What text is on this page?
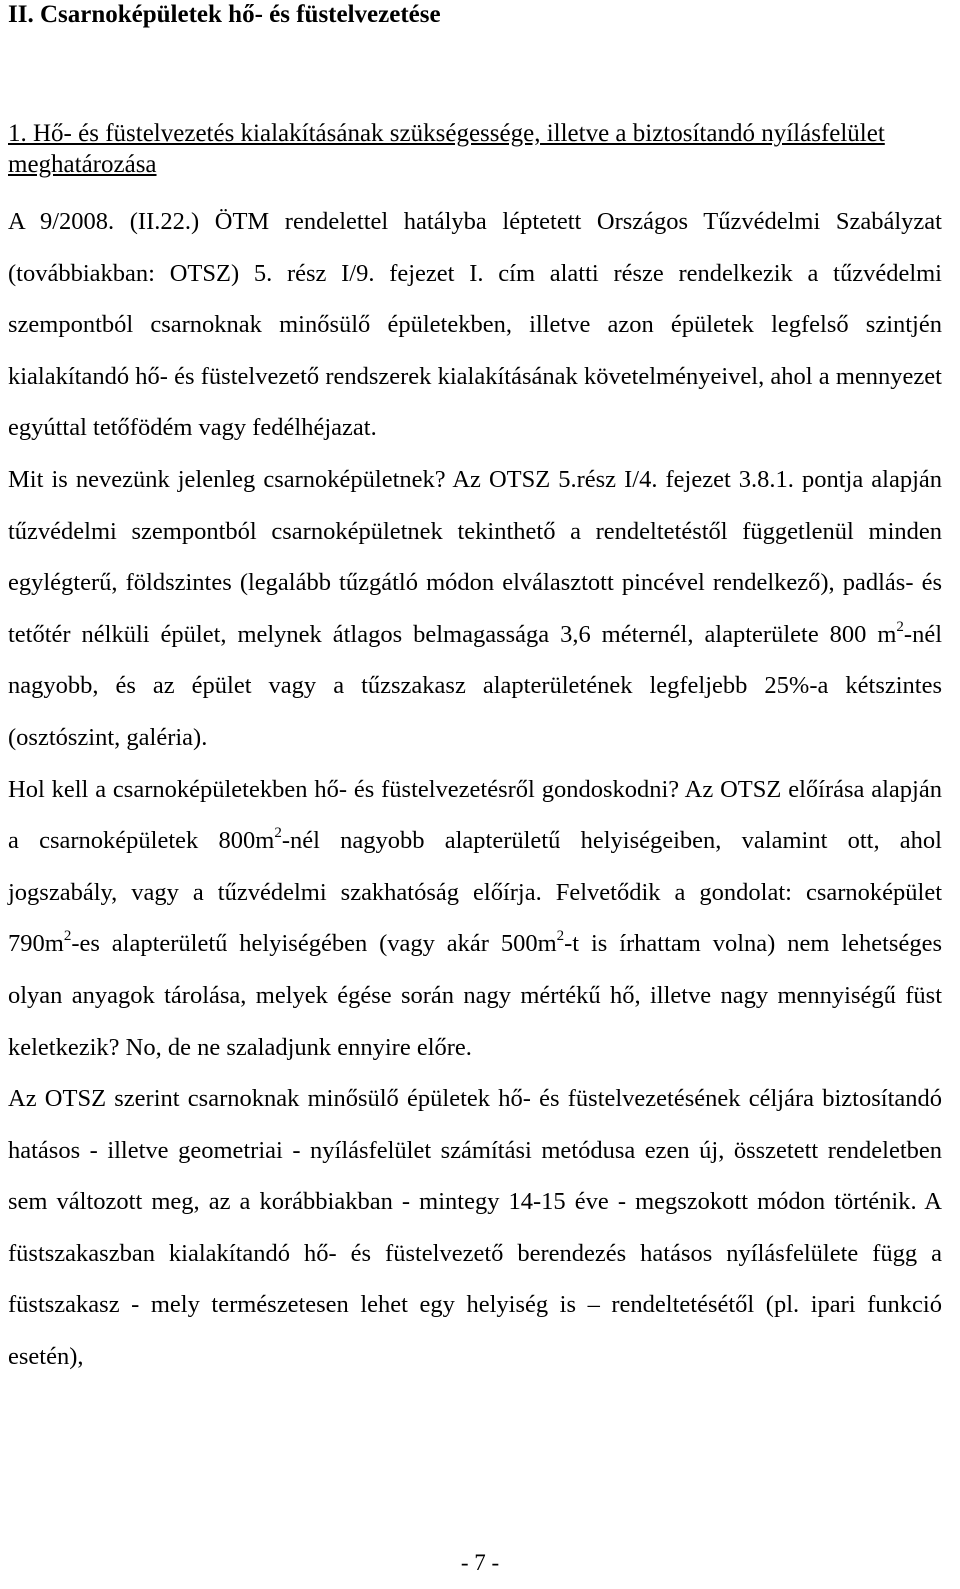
II. Csarnoképületek hő- és füstelvezetése
1. Hő- és füstelvezetés kialakításának szükségessége, illetve a biztosítandó nyílásfelület meghatározása

A 9/2008. (II.22.) ÖTM rendelettel hatályba léptetett Országos Tűzvédelmi Szabályzat (továbbiakban: OTSZ) 5. rész I/9. fejezet I. cím alatti része rendelkezik a tűzvédelmi szempontból csarnoknak minősülő épületekben, illetve azon épületek legfelső szintjén kialakítandó hő- és füstelvezető rendszerek kialakításának követelményeivel, ahol a mennyezet egyúttal tetőfödém vagy fedélhéjazat.

Mit is nevezünk jelenleg csarnoképületnek? Az OTSZ 5.rész I/4. fejezet 3.8.1. pontja alapján tűzvédelmi szempontból csarnoképületnek tekinthető a rendeltetéstől függetlenül minden egylégterű, földszintes (legalább tűzgátló módon elválasztott pincével rendelkező), padlás- és tetőtér nélküli épület, melynek átlagos belmagassága 3,6 méternél, alapterülete 800 $m^2$-nél nagyobb, és az épület vagy a tűzszakasz alapterületének legfeljebb 25%-a kétszintes (osztószint, galéria).

Hol kell a csarnoképületekben hő- és füstelvezetésről gondoskodni? Az OTSZ előírása alapján a csarnoképületek $800m^2$-nél nagyobb alapterületű helyiségeiben, valamint ott, ahol jogszabály, vagy a tűzvédelmi szakhatóság előírja. Felvetődik a gondolat: csarnoképület $790m^2-es$ alapterületű helyiségében (vagy akár $500m^2-t$ is írhattam volna) nem lehetséges olyan anyagok tárolása, melyek égése során nagy mértékű hő, illetve nagy mennyiségű füst keletkezik? No, de ne szaladjunk ennyire előre.

Az OTSZ szerint csarnoknak minősülő épületek hő- és füstelvezetésének céljára biztosítandó hatásos - illetve geometriai - nyílásfelület számítási metódusa ezen új, összetett rendeletben sem változott meg, az a korábbiakban - mintegy 14-15 éve - megszokott módon történik. A füstszakaszban kialakítandó hő- és füstelvezető berendezés hatásos nyílásfelülete függ a füstszakasz - mely természetesen lehet egy helyiség is – rendeltetésétől (pl. ipari funkció esetén),

- 7 -
